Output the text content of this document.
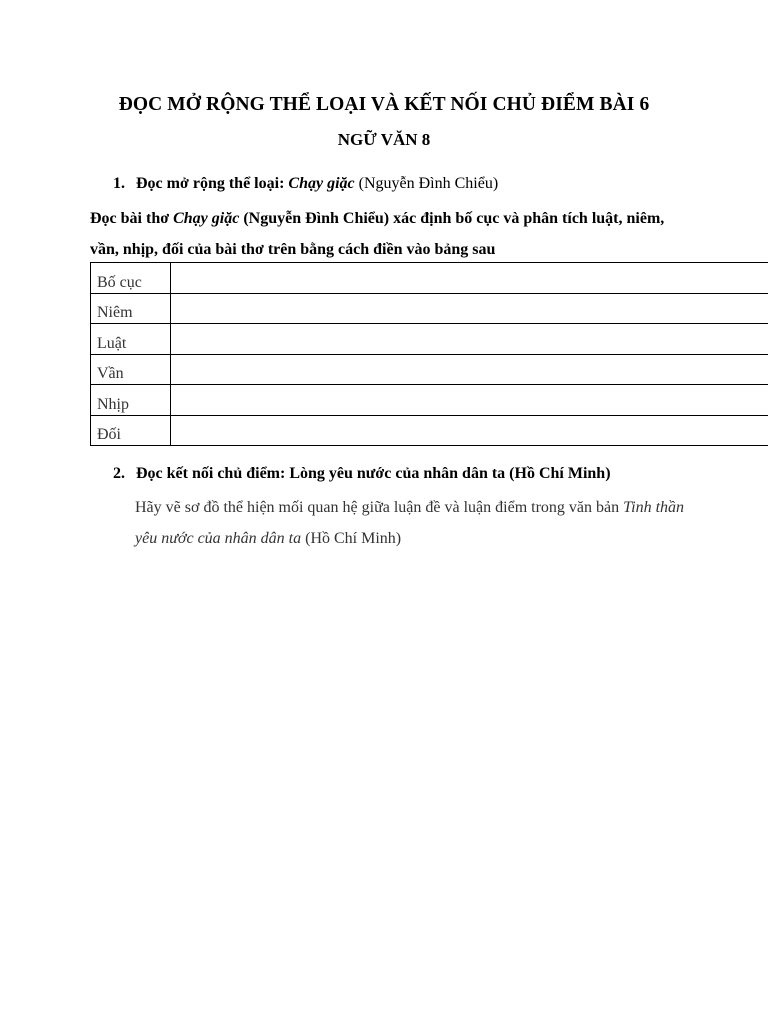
ĐỌC MỞ RỘNG THỂ LOẠI VÀ KẾT NỐI CHỦ ĐIỂM BÀI 6
NGỮ VĂN 8
1. Đọc mở rộng thể loại: Chạy giặc (Nguyễn Đình Chiểu)
Đọc bài thơ Chạy giặc (Nguyễn Đình Chiểu) xác định bố cục và phân tích luật, niêm,
vần, nhịp, đối của bài thơ trên bằng cách điền vào bảng sau
Bố cục	
Niêm	
Luật	
Vần	
Nhịp	
Đối	
2. Đọc kết nối chủ điểm: Lòng yêu nước của nhân dân ta (Hồ Chí Minh)
Hãy vẽ sơ đồ thể hiện mối quan hệ giữa luận đề và luận điểm trong văn bản Tinh thần yêu nước của nhân dân ta (Hồ Chí Minh)
